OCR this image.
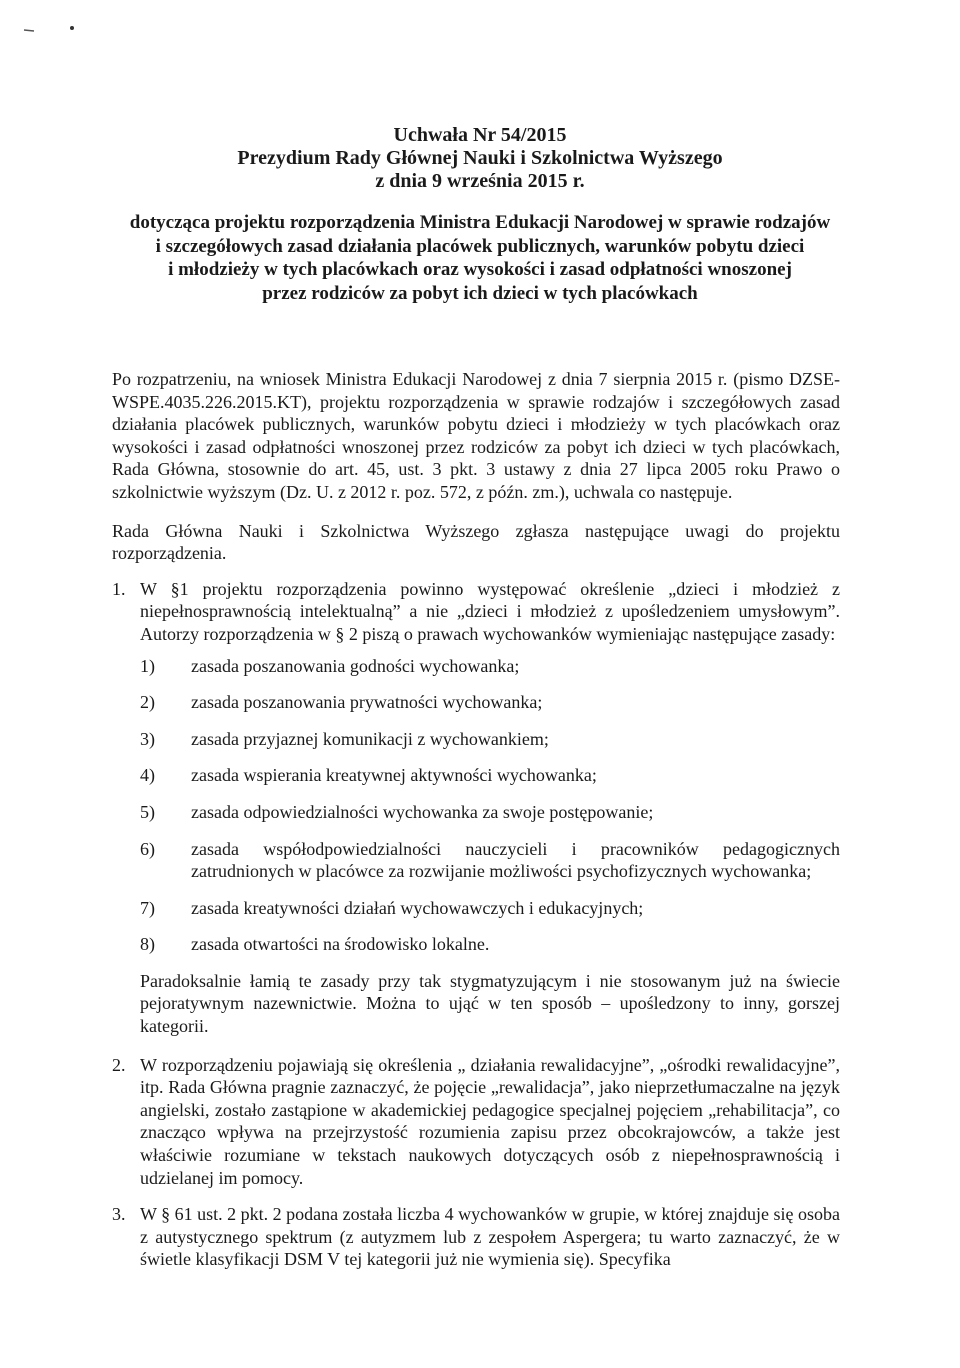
Uchwała Nr 54/2015
Prezydium Rady Głównej Nauki i Szkolnictwa Wyższego
z dnia 9 września 2015 r.
dotycząca projektu rozporządzenia Ministra Edukacji Narodowej w sprawie rodzajów
i szczegółowych zasad działania placówek publicznych, warunków pobytu dzieci
i młodzieży w tych placówkach oraz wysokości i zasad odpłatności wnoszonej
przez rodziców za pobyt ich dzieci w tych placówkach

Po rozpatrzeniu, na wniosek Ministra Edukacji Narodowej z dnia 7 sierpnia 2015 r. (pismo DZSE-WSPE.4035.226.2015.KT), projektu rozporządzenia w sprawie rodzajów i szczegółowych zasad działania placówek publicznych, warunków pobytu dzieci i młodzieży w tych placówkach oraz wysokości i zasad odpłatności wnoszonej przez rodziców za pobyt ich dzieci w tych placówkach, Rada Główna, stosownie do art. 45, ust. 3 pkt. 3 ustawy z dnia 27 lipca 2005 roku Prawo o szkolnictwie wyższym (Dz. U. z 2012 r. poz. 572, z późn. zm.), uchwala co następuje.

Rada Główna Nauki i Szkolnictwa Wyższego zgłasza następujące uwagi do projektu rozporządzenia.

1. W §1 projektu rozporządzenia powinno występować określenie „dzieci i młodzież z niepełnosprawnością intelektualną” a nie „dzieci i młodzież z upośledzeniem umysłowym”. Autorzy rozporządzenia w § 2 piszą o prawach wychowanków wymieniając następujące zasady:
1)	zasada poszanowania godności wychowanka;
2)	zasada poszanowania prywatności wychowanka;
3)	zasada przyjaznej komunikacji z wychowankiem;
4)	zasada wspierania kreatywnej aktywności wychowanka;
5)	zasada odpowiedzialności wychowanka za swoje postępowanie;
6)	zasada współodpowiedzialności nauczycieli i pracowników pedagogicznych zatrudnionych w placówce za rozwijanie możliwości psychofizycznych wychowanka;
7)	zasada kreatywności działań wychowawczych i edukacyjnych;
8)	zasada otwartości na środowisko lokalne.

Paradoksalnie łamią te zasady przy tak stygmatyzującym i nie stosowanym już na świecie pejoratywnym nazewnictwie. Można to ująć w ten sposób – upośledzony to inny, gorszej kategorii.

2. W rozporządzeniu pojawiają się określenia „ działania rewalidacyjne”, „ośrodki rewalidacyjne”, itp. Rada Główna pragnie zaznaczyć, że pojęcie „rewalidacja”, jako nieprzetłumaczalne na język angielski, zostało zastąpione w akademickiej pedagogice specjalnej pojęciem „rehabilitacja”, co znacząco wpływa na przejrzystość rozumienia zapisu przez obcokrajowców, a także jest właściwie rozumiane w tekstach naukowych dotyczących osób z niepełnosprawnością i udzielanej im pomocy.
3. W § 61 ust. 2 pkt. 2 podana została liczba 4 wychowanków w grupie, w której znajduje się osoba z autystycznego spektrum (z autyzmem lub z zespołem Aspergera; tu warto zaznaczyć, że w świetle klasyfikacji DSM V tej kategorii już nie wymienia się). Specyfika
